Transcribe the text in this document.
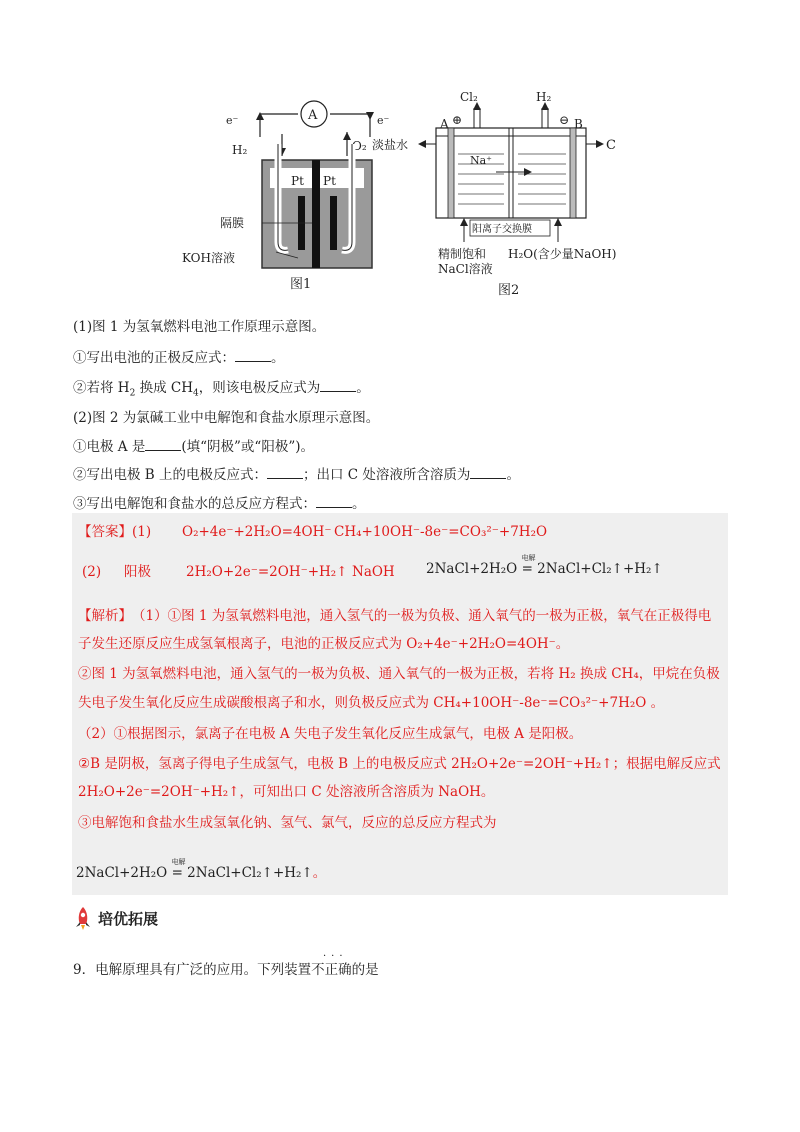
A
e⁻	e⁻
H₂	O₂
Pt Pt
隔膜
KOH溶液
图1
A ⊕	⊖ B
Cl₂	H₂
淡盐水	C
Na⁺
阳离子交换膜
精制饱和
NaCl溶液
H₂O(含少量NaOH)
图2
(1)图 1 为氢氧燃料电池工作原理示意图。
①写出电池的正极反应式：	。
②若将 $H_2$ 换成 $CH_4$，则该电极反应式为	。
(2)图 2 为氯碱工业中电解饱和食盐水原理示意图。
①电极 A 是	(填“阴极”或“阳极”)。
②写出电极 B 上的电极反应式：	；出口 C 处溶液所含溶质为	。
③写出电解饱和食盐水的总反应方程式：	。
【答案】 (1) O₂+4e⁻+2H₂O=4OH⁻ CH₄+10OH⁻-8e⁻=CO₃²⁻+7H₂O
(2) 阳极	2H₂O+2e⁻=2OH⁻+H₂↑ NaOH 2NaCl+2H₂O
电解
= 2NaCl+Cl₂↑+H₂↑
【解析】 （1）①图 1 为氢氧燃料电池，通入氢气的一极为负极、通入氧气的一极为正极，氧气在正极得电
子发生还原反应生成氢氧根离子，电池的正极反应式为 O₂+4e⁻+2H₂O=4OH⁻。
②图 1 为氢氧燃料电池，通入氢气的一极为负极、通入氧气的一极为正极，若将 H₂ 换成 CH₄，甲烷在负极
失电子发生氧化反应生成碳酸根离子和水，则负极反应式为 CH₄+10OH⁻-8e⁻=CO₃²⁻+7H₂O 。
（2）①根据图示，氯离子在电极 A 失电子发生氧化反应生成氯气，电极 A 是阳极。
②B 是阴极，氢离子得电子生成氢气，电极 B 上的电极反应式 2H₂O+2e⁻=2OH⁻+H₂↑；根据电解反应式
2H₂O+2e⁻=2OH⁻+H₂↑，可知出口 C 处溶液所含溶质为 NaOH。
③电解饱和食盐水生成氢氧化钠、氢气、氯气，反应的总反应方程式为
2NaCl+2H₂O
电解
= 2NaCl+Cl₂↑+H₂↑。
培优拓展
···
9．电解原理具有广泛的应用。下列装置不正确的是
